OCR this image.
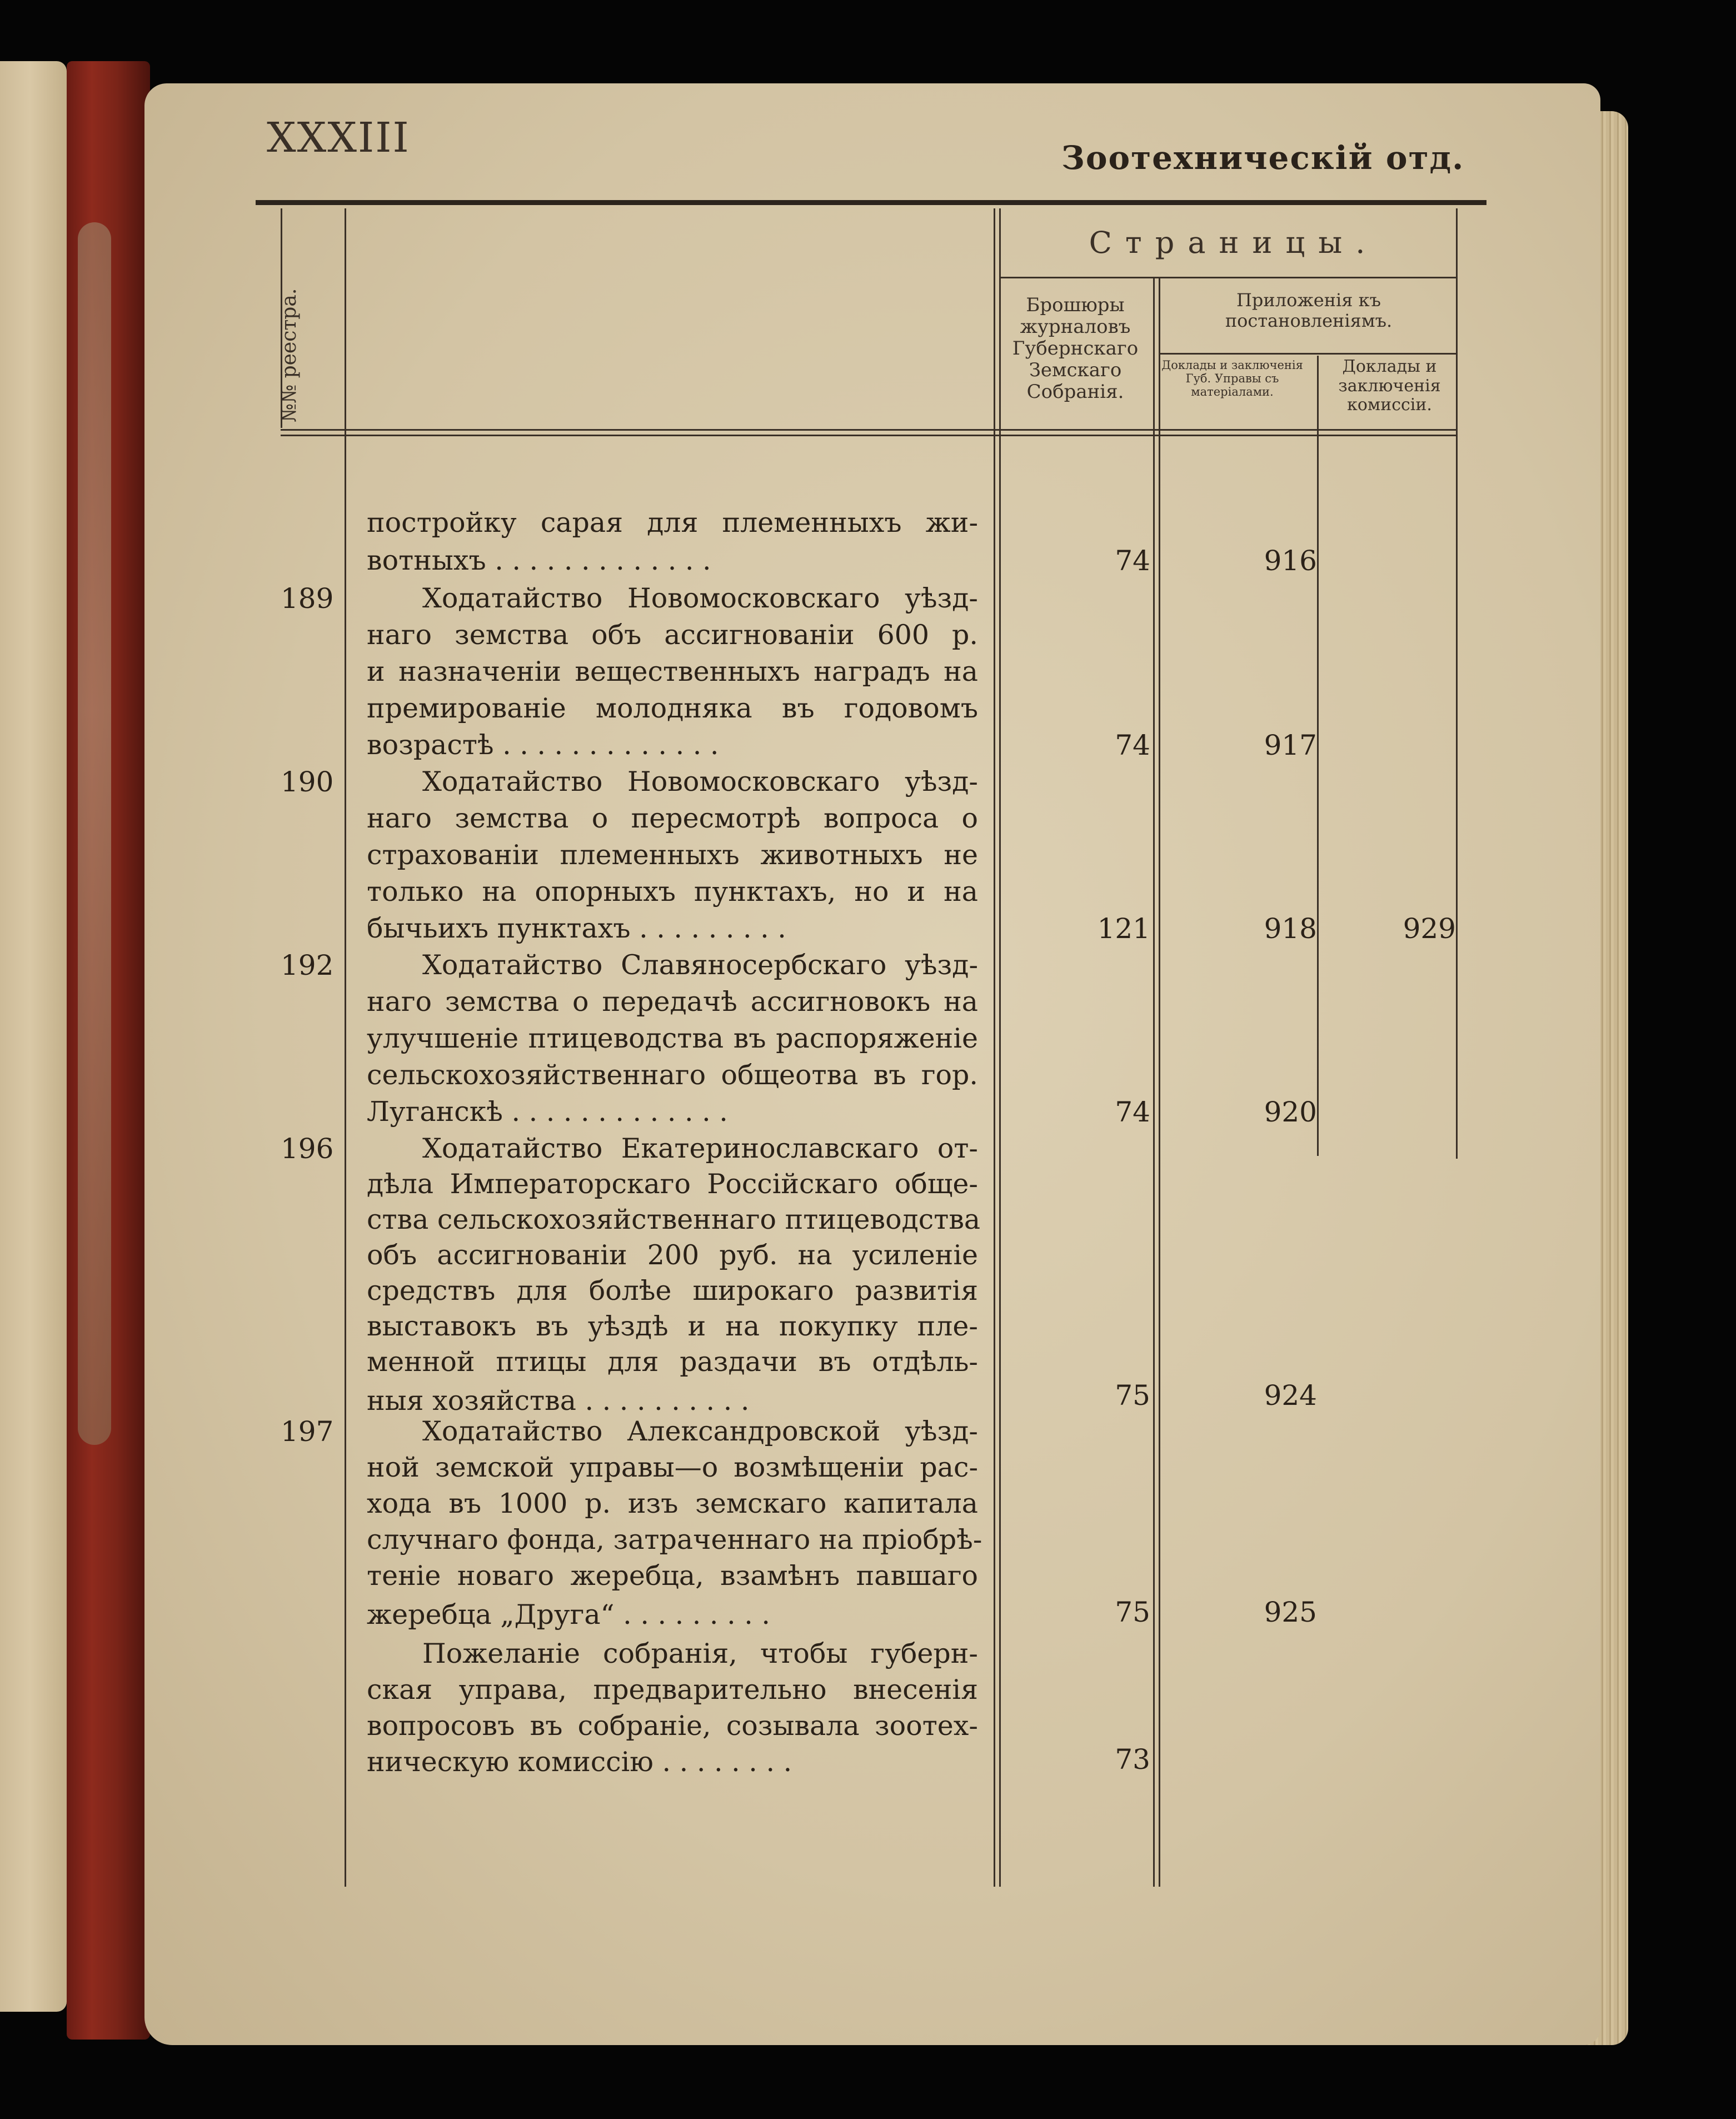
XXXIII	Зоотехническій отд.
№№ реестра.
Страницы.
Брошюры журналовъ Губернскаго Земскаго Собранія.
Приложенія къ постановленіямъ.
Доклады и заключенія Губ. Управы съ матеріалами.
Доклады и заключенія комиссіи.
постройку сарая для племенныхъ жи-
вотныхъ . . . . . . . . . . . . .	74	916
189	Ходатайство Новомосковскаго уѣзд-
наго земства объ ассигнованіи 600 р.
и назначеніи вещественныхъ наградъ на
премированіе молодняка въ годовомъ
возрастѣ . . . . . . . . . . . . .	74	917
190	Ходатайство Новомосковскаго уѣзд-
наго земства о пересмотрѣ вопроса о
страхованіи племенныхъ животныхъ не
только на опорныхъ пунктахъ, но и на
бычьихъ пунктахъ . . . . . . . . .	121	918	929
192	Ходатайство Славяносербскаго уѣзд-
наго земства о передачѣ ассигновокъ на
улучшеніе птицеводства въ распоряженіе
сельскохозяйственнаго общеотва въ гор.
Луганскѣ . . . . . . . . . . . . .	74	920
196	Ходатайство Екатеринославскаго от-
дѣла Императорскаго Россійскаго обще-
ства сельскохозяйственнаго птицеводства
объ ассигнованіи 200 руб. на усиленіе
средствъ для болѣе широкаго развитія
выставокъ въ уѣздѣ и на покупку пле-
менной птицы для раздачи въ отдѣль-
ныя хозяйства . . . . . . . . . .	75	924
197	Ходатайство Александровской уѣзд-
ной земской управы—о возмѣщеніи рас-
хода въ 1000 р. изъ земскаго капитала
случнаго фонда, затраченнаго на пріобрѣ-
теніе новаго жеребца, взамѣнъ павшаго
жеребца „Друга“ . . . . . . . . .	75	925
Пожеланіе собранія, чтобы губерн-
ская управа, предварительно внесенія
вопросовъ въ собраніе, созывала зоотех-
ническую комиссію . . . . . . . .	73
